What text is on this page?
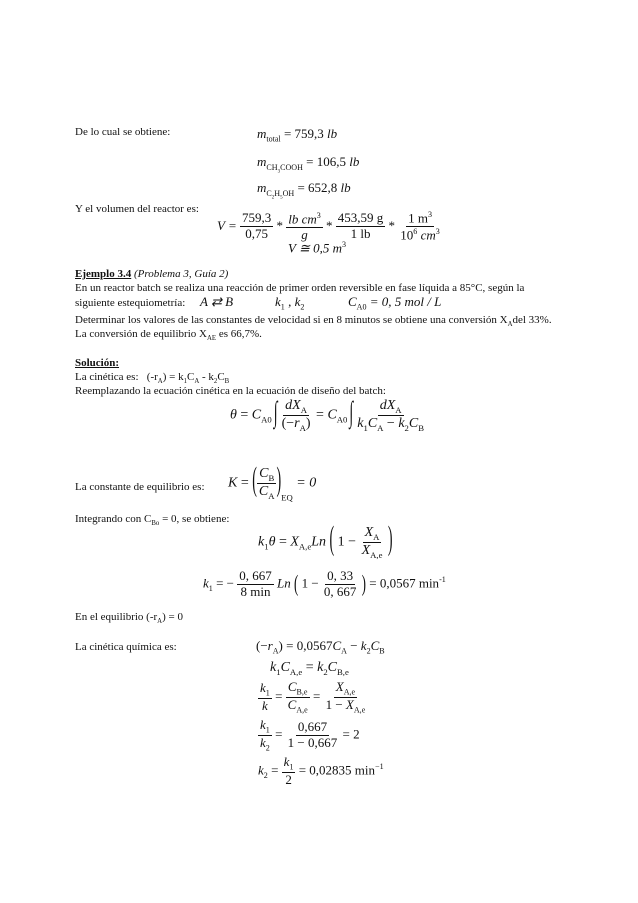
De lo cual se obtiene:	$m_{total} = 759,3$ lb
$m_{CH_3COOH} = 106,5$ lb
$m_{C_2H_5OH} = 652,8$ lb
Y el volumen del reactor es:
$V = \frac{759,3}{0,75} * \frac{lb cm^3}{g} * \frac{453,59 g}{1 lb} * \frac{1 m^3}{10^6 cm^3}$
V ≅ 0,5 $m^3$
Ejemplo 3.4 (Problema 3, Guía 2)
En un reactor batch se realiza una reacción de primer orden reversible en fase líquida a 85°C, según la
siguiente estequiometría: A ⇄ B	$k_1$ , $k_2$	$C_{A0} = 0$, 5 mol / L
Determinar los valores de las constantes de velocidad si en 8 minutos se obtiene una conversión $X_Adel$ 33%.
La conversión de equilibrio $X_{AE}$ es 66,7%.
Solución:
La cinética es:   $(-r_A) = k_1C_A - k_2C_B$
Reemplazando la ecuación cinética en la ecuación de diseño del batch:
$\theta = C_{A0}$ ∫ $\frac{dX_A}{(-r_A)} = C_{A0}$ ∫ $\frac{dX_A}{k_1C_A - k_2C_B}$
La constante de equilibrio es: K = ( $\frac{C_B}{C_A} )_{EQ} = 0$
Integrando con $C_{Bo} = 0$, se obtiene:
$k_1\theta = X_{A,e}Ln$ ( $1 - \frac{X_A}{X_{A,e}}$ )
$k_1$ = − $\frac{0, 667}{8 \min}$ Ln ( $1 - \frac{0, 33}{0, 667}$ ) = 0,0567 $\min^{-1}$
En el equilibrio $(-r_A) = 0$
La cinética química es:	$(-r_A) = 0,0567C_A - k_2C_B$
$k_1C_{A,e} = k_2C_{B,e}$
$\frac{k_1}{k} = \frac{C_{B,e}}{C_{A,e}} = \frac{X_{A,e}}{1 - X_{A,e}}$
$\frac{k_1}{k_2} = \frac{0,667}{1 - 0,667} = 2$
$k_2 = \frac{k_1}{2} = 0,02835$ $\min^{-1}$
